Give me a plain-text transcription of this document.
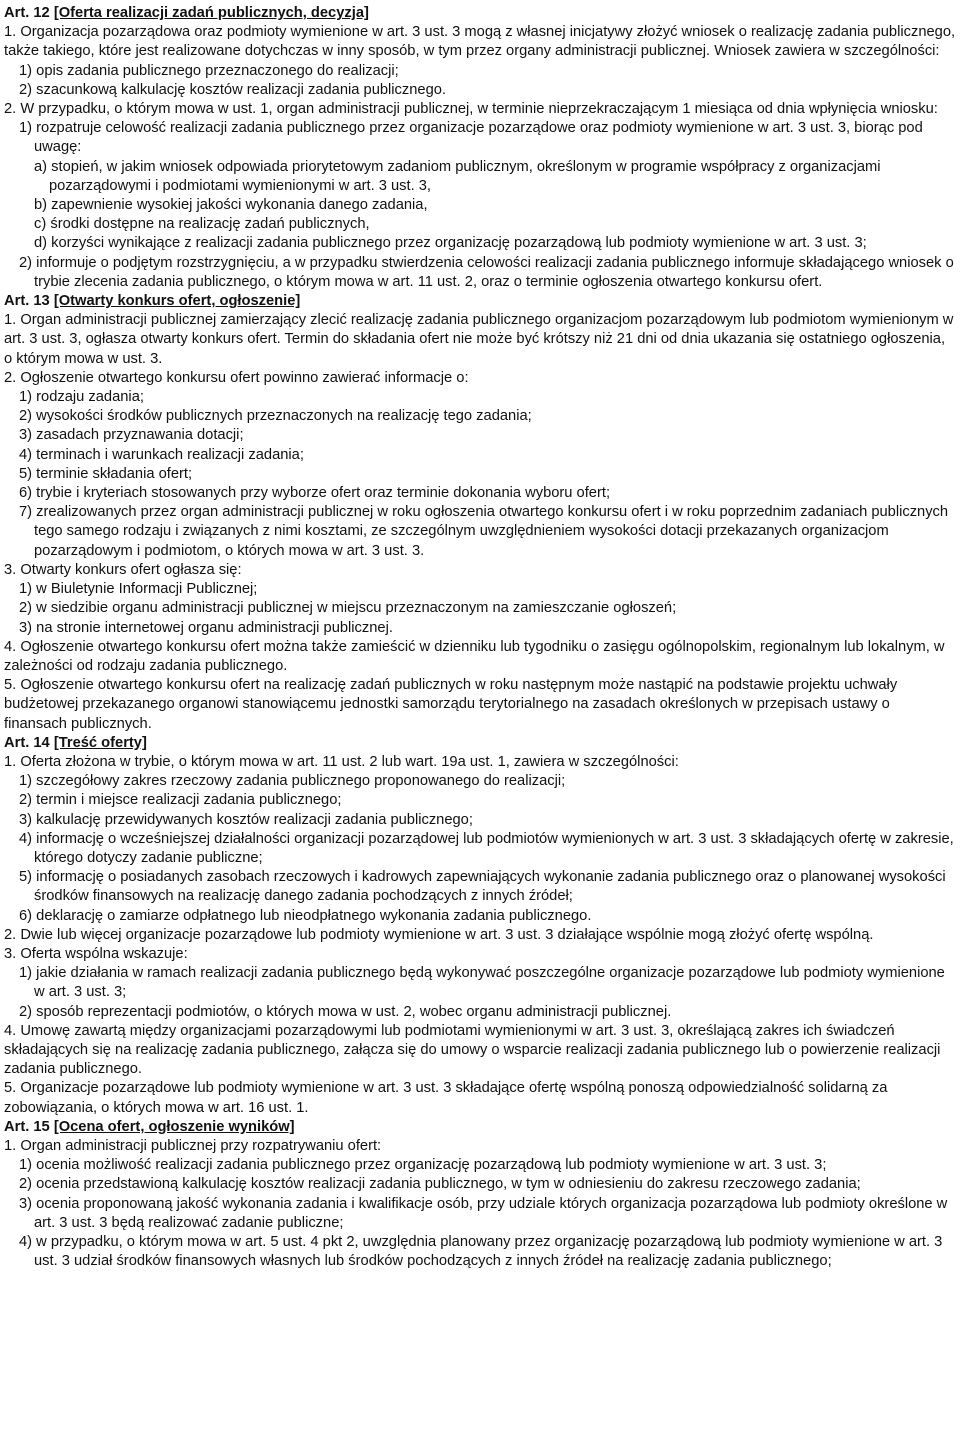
Art. 12 [Oferta realizacji zadań publicznych, decyzja]
1. Organizacja pozarządowa oraz podmioty wymienione w art. 3 ust. 3 mogą z własnej inicjatywy złożyć wniosek o realizację zadania publicznego, także takiego, które jest realizowane dotychczas w inny sposób, w tym przez organy administracji publicznej. Wniosek zawiera w szczególności:
1) opis zadania publicznego przeznaczonego do realizacji;
2) szacunkową kalkulację kosztów realizacji zadania publicznego.
2. W przypadku, o którym mowa w ust. 1, organ administracji publicznej, w terminie nieprzekraczającym 1 miesiąca od dnia wpłynięcia wniosku:
1) rozpatruje celowość realizacji zadania publicznego przez organizacje pozarządowe oraz podmioty wymienione w art. 3 ust. 3, biorąc pod uwagę:
a) stopień, w jakim wniosek odpowiada priorytetowym zadaniom publicznym, określonym w programie współpracy z organizacjami pozarządowymi i podmiotami wymienionymi w art. 3 ust. 3,
b) zapewnienie wysokiej jakości wykonania danego zadania,
c) środki dostępne na realizację zadań publicznych,
d) korzyści wynikające z realizacji zadania publicznego przez organizację pozarządową lub podmioty wymienione w art. 3 ust. 3;
2) informuje o podjętym rozstrzygnięciu, a w przypadku stwierdzenia celowości realizacji zadania publicznego informuje składającego wniosek o trybie zlecenia zadania publicznego, o którym mowa w art. 11 ust. 2, oraz o terminie ogłoszenia otwartego konkursu ofert.
Art. 13 [Otwarty konkurs ofert, ogłoszenie]
1. Organ administracji publicznej zamierzający zlecić realizację zadania publicznego organizacjom pozarządowym lub podmiotom wymienionym w art. 3 ust. 3, ogłasza otwarty konkurs ofert. Termin do składania ofert nie może być krótszy niż 21 dni od dnia ukazania się ostatniego ogłoszenia, o którym mowa w ust. 3.
2. Ogłoszenie otwartego konkursu ofert powinno zawierać informacje o:
1) rodzaju zadania;
2) wysokości środków publicznych przeznaczonych na realizację tego zadania;
3) zasadach przyznawania dotacji;
4) terminach i warunkach realizacji zadania;
5) terminie składania ofert;
6) trybie i kryteriach stosowanych przy wyborze ofert oraz terminie dokonania wyboru ofert;
7) zrealizowanych przez organ administracji publicznej w roku ogłoszenia otwartego konkursu ofert i w roku poprzednim zadaniach publicznych tego samego rodzaju i związanych z nimi kosztami, ze szczególnym uwzględnieniem wysokości dotacji przekazanych organizacjom pozarządowym i podmiotom, o których mowa w art. 3 ust. 3.
3. Otwarty konkurs ofert ogłasza się:
1) w Biuletynie Informacji Publicznej;
2) w siedzibie organu administracji publicznej w miejscu przeznaczonym na zamieszczanie ogłoszeń;
3) na stronie internetowej organu administracji publicznej.
4. Ogłoszenie otwartego konkursu ofert można także zamieścić w dzienniku lub tygodniku o zasięgu ogólnopolskim, regionalnym lub lokalnym, w zależności od rodzaju zadania publicznego.
5. Ogłoszenie otwartego konkursu ofert na realizację zadań publicznych w roku następnym może nastąpić na podstawie projektu uchwały budżetowej przekazanego organowi stanowiącemu jednostki samorządu terytorialnego na zasadach określonych w przepisach ustawy o finansach publicznych.
Art. 14 [Treść oferty]
1. Oferta złożona w trybie, o którym mowa w art. 11 ust. 2 lub wart. 19a ust. 1, zawiera w szczególności:
1) szczegółowy zakres rzeczowy zadania publicznego proponowanego do realizacji;
2) termin i miejsce realizacji zadania publicznego;
3) kalkulację przewidywanych kosztów realizacji zadania publicznego;
4) informację o wcześniejszej działalności organizacji pozarządowej lub podmiotów wymienionych w art. 3 ust. 3 składających ofertę w zakresie, którego dotyczy zadanie publiczne;
5) informację o posiadanych zasobach rzeczowych i kadrowych zapewniających wykonanie zadania publicznego oraz o planowanej wysokości środków finansowych na realizację danego zadania pochodzących z innych źródeł;
6) deklarację o zamiarze odpłatnego lub nieodpłatnego wykonania zadania publicznego.
2. Dwie lub więcej organizacje pozarządowe lub podmioty wymienione w art. 3 ust. 3 działające wspólnie mogą złożyć ofertę wspólną.
3. Oferta wspólna wskazuje:
1) jakie działania w ramach realizacji zadania publicznego będą wykonywać poszczególne organizacje pozarządowe lub podmioty wymienione w art. 3 ust. 3;
2) sposób reprezentacji podmiotów, o których mowa w ust. 2, wobec organu administracji publicznej.
4. Umowę zawartą między organizacjami pozarządowymi lub podmiotami wymienionymi w art. 3 ust. 3, określającą zakres ich świadczeń składających się na realizację zadania publicznego, załącza się do umowy o wsparcie realizacji zadania publicznego lub o powierzenie realizacji zadania publicznego.
5. Organizacje pozarządowe lub podmioty wymienione w art. 3 ust. 3 składające ofertę wspólną ponoszą odpowiedzialność solidarną za zobowiązania, o których mowa w art. 16 ust. 1.
Art. 15 [Ocena ofert, ogłoszenie wyników]
1. Organ administracji publicznej przy rozpatrywaniu ofert:
1) ocenia możliwość realizacji zadania publicznego przez organizację pozarządową lub podmioty wymienione w art. 3 ust. 3;
2) ocenia przedstawioną kalkulację kosztów realizacji zadania publicznego, w tym w odniesieniu do zakresu rzeczowego zadania;
3) ocenia proponowaną jakość wykonania zadania i kwalifikacje osób, przy udziale których organizacja pozarządowa lub podmioty określone w art. 3 ust. 3 będą realizować zadanie publiczne;
4) w przypadku, o którym mowa w art. 5 ust. 4 pkt 2, uwzględnia planowany przez organizację pozarządową lub podmioty wymienione w art. 3 ust. 3 udział środków finansowych własnych lub środków pochodzących z innych źródeł na realizację zadania publicznego;
